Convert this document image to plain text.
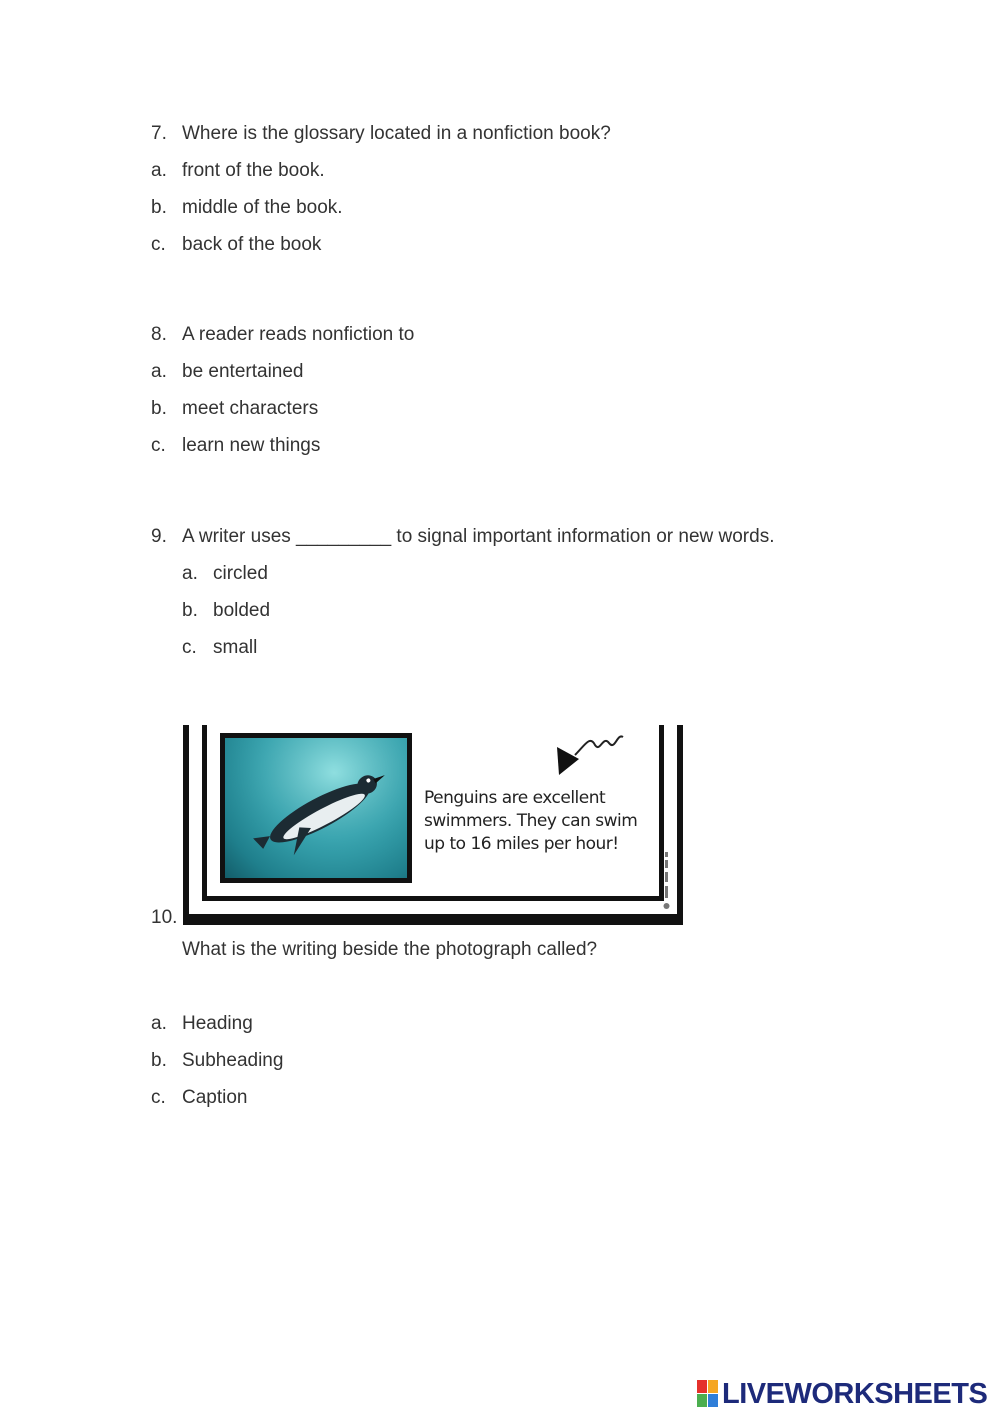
7. Where is the glossary located in a nonfiction book?
a. front of the book.
b. middle of the book.
c. back of the book
8. A reader reads nonfiction to
a. be entertained
b. meet characters
c. learn new things
9. A writer uses _________ to signal important information or new words.
a. circled
b. bolded
c. small
Penguins are excellent swimmers. They can swim up to 16 miles per hour!
10.
What is the writing beside the photograph called?
a. Heading
b. Subheading
c. Caption
LIVEWORKSHEETS
